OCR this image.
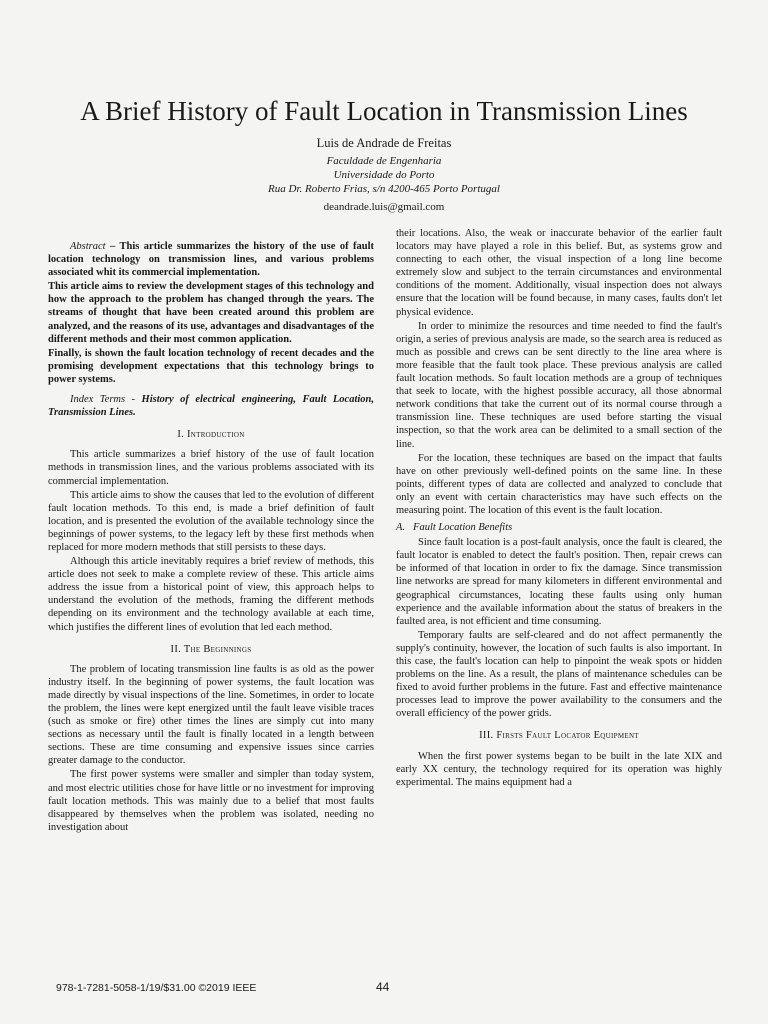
A Brief History of Fault Location in Transmission Lines
Luis de Andrade de Freitas
Faculdade de Engenharia
Universidade do Porto
Rua Dr. Roberto Frias, s/n 4200-465 Porto Portugal
deandrade.luis@gmail.com

Abstract – This article summarizes the history of the use of fault location technology on transmission lines, and various problems associated whit its commercial implementation.

This article aims to review the development stages of this technology and how the approach to the problem has changed through the years. The streams of thought that have been created around this problem are analyzed, and the reasons of its use, advantages and disadvantages of the different methods and their most common application.

Finally, is shown the fault location technology of recent decades and the promising development expectations that this technology brings to power systems.

Index Terms - History of electrical engineering, Fault Location, Transmission Lines.
I. Introduction

This article summarizes a brief history of the use of fault location methods in transmission lines, and the various problems associated with its commercial implementation.

This article aims to show the causes that led to the evolution of different fault location methods. To this end, is made a brief definition of fault location, and is presented the evolution of the available technology since the beginnings of power systems, to the legacy left by these first methods when replaced for more modern methods that still persists to these days.

Although this article inevitably requires a brief review of methods, this article does not seek to make a complete review of these. This article aims address the issue from a historical point of view, this approach helps to understand the evolution of the methods, framing the different methods depending on its environment and the technology available at each time, which justifies the different lines of evolution that led each method.

II. The Beginnings

The problem of locating transmission line faults is as old as the power industry itself. In the beginning of power systems, the fault location was made directly by visual inspections of the line. Sometimes, in order to locate the problem, the lines were kept energized until the fault leave visible traces (such as smoke or fire) other times the lines are simply cut into many sections as necessary until the fault is finally located in a length between sections. These are time consuming and expensive issues since carries greater damage to the conductor.

The first power systems were smaller and simpler than today system, and most electric utilities chose for have little or no investment for improving fault location methods. This was mainly due to a belief that most faults disappeared by themselves when the problem was isolated, needing no investigation about

their locations. Also, the weak or inaccurate behavior of the earlier fault locators may have played a role in this belief. But, as systems grow and connecting to each other, the visual inspection of a long line become extremely slow and subject to the terrain circumstances and environmental conditions of the moment. Additionally, visual inspection does not always ensure that the location will be found because, in many cases, faults don't let physical evidence.

In order to minimize the resources and time needed to find the fault's origin, a series of previous analysis are made, so the search area is reduced as much as possible and crews can be sent directly to the line area where is more feasible that the fault took place. These previous analysis are called fault location methods. So fault location methods are a group of techniques that seek to locate, with the highest possible accuracy, all those abnormal network conditions that take the current out of its normal course through a transmission line. These techniques are used before starting the visual inspection, so that the work area can be delimited to a small section of the line.

For the location, these techniques are based on the impact that faults have on other previously well-defined points on the same line. In these points, different types of data are collected and analyzed to conclude that only an event with certain characteristics may have such effects on the measuring point. The location of this event is the fault location.

A. Fault Location Benefits

Since fault location is a post-fault analysis, once the fault is cleared, the fault locator is enabled to detect the fault's position. Then, repair crews can be informed of that location in order to fix the damage. Since transmission line networks are spread for many kilometers in different environmental and geographical circumstances, locating these faults using only human experience and the available information about the status of breakers in the faulted area, is not efficient and time consuming.

Temporary faults are self-cleared and do not affect permanently the supply's continuity, however, the location of such faults is also important. In this case, the fault's location can help to pinpoint the weak spots or hidden problems on the line. As a result, the plans of maintenance schedules can be fixed to avoid further problems in the future. Fast and effective maintenance processes lead to improve the power availability to the consumers and the overall efficiency of the power grids.

III. Firsts Fault Locator Equipment

When the first power systems began to be built in the late XIX and early XX century, the technology required for its operation was highly experimental. The mains equipment had a

978-1-7281-5058-1/19/$31.00 ©2019 IEEE	44
